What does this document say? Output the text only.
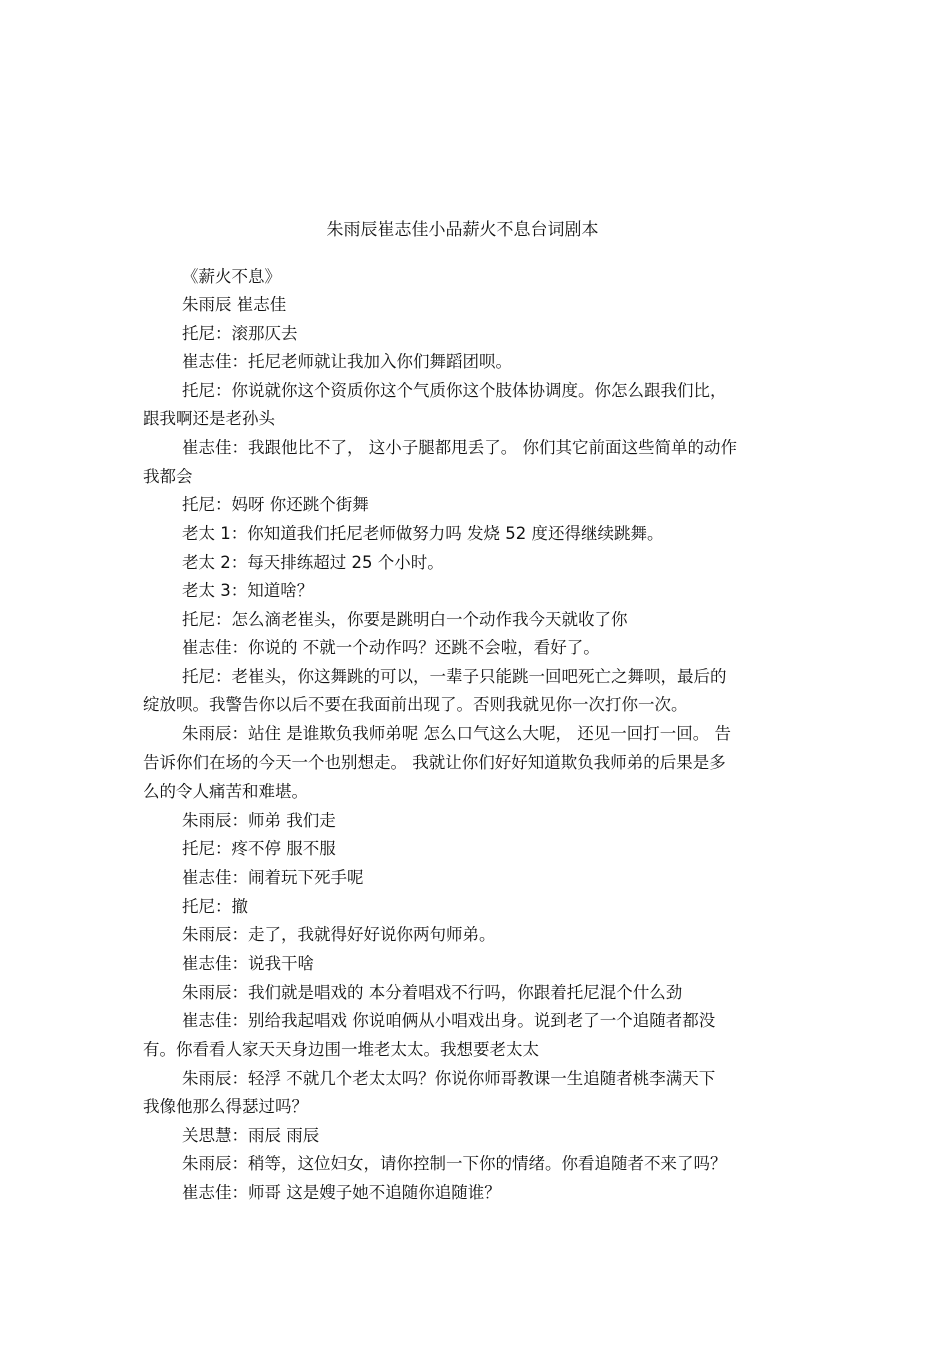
朱雨辰崔志佳小品薪火不息台词剧本
《薪火不息》
朱雨辰 崔志佳
托尼：滚那仄去
崔志佳：托尼老师就让我加入你们舞蹈团呗。
托尼：你说就你这个资质你这个气质你这个肢体协调度。你怎么跟我们比，
跟我啊还是老孙头
崔志佳：我跟他比不了， 这小子腿都甩丢了。 你们其它前面这些简单的动作
我都会
托尼：妈呀 你还跳个街舞
老太 1：你知道我们托尼老师做努力吗 发烧 52 度还得继续跳舞。
老太 2：每天排练超过 25 个小时。
老太 3：知道啥？
托尼：怎么滴老崔头，你要是跳明白一个动作我今天就收了你
崔志佳：你说的 不就一个动作吗？还跳不会啦，看好了。
托尼：老崔头，你这舞跳的可以，一辈子只能跳一回吧死亡之舞呗，最后的
绽放呗。我警告你以后不要在我面前出现了。否则我就见你一次打你一次。
朱雨辰：站住 是谁欺负我师弟呢 怎么口气这么大呢， 还见一回打一回。 告
告诉你们在场的今天一个也别想走。 我就让你们好好知道欺负我师弟的后果是多
么的令人痛苦和难堪。
朱雨辰：师弟 我们走
托尼：疼不停 服不服
崔志佳：闹着玩下死手呢
托尼：撤
朱雨辰：走了，我就得好好说你两句师弟。
崔志佳：说我干啥
朱雨辰：我们就是唱戏的 本分着唱戏不行吗，你跟着托尼混个什么劲
崔志佳：别给我起唱戏 你说咱俩从小唱戏出身。说到老了一个追随者都没
有。你看看人家天天身边围一堆老太太。我想要老太太
朱雨辰：轻浮 不就几个老太太吗？你说你师哥教课一生追随者桃李满天下
我像他那么得瑟过吗？
关思慧：雨辰 雨辰
朱雨辰：稍等，这位妇女，请你控制一下你的情绪。你看追随者不来了吗？
崔志佳：师哥 这是嫂子她不追随你追随谁？
